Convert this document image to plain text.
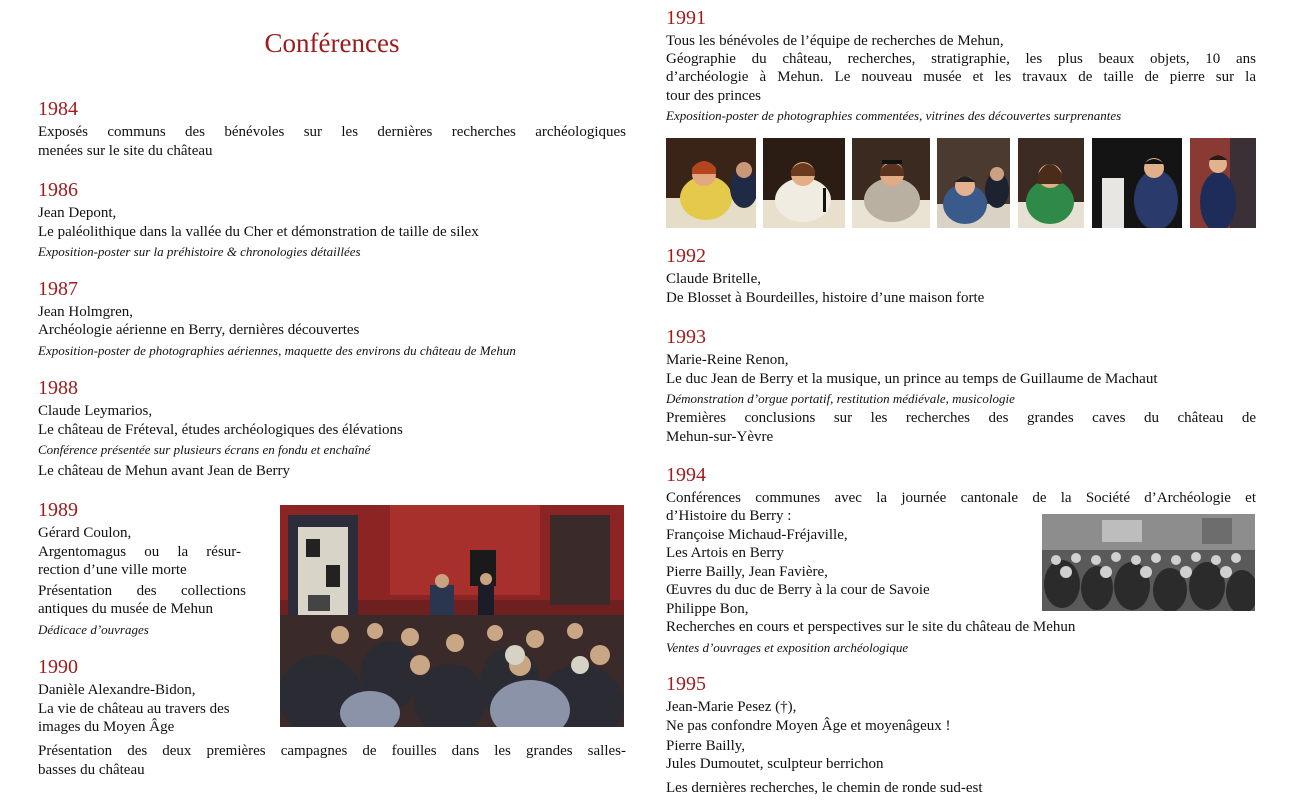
Conférences
1984
Exposés communs des bénévoles sur les dernières recherches archéologiques
menées sur le site du château
1986
Jean Depont,
Le paléolithique dans la vallée du Cher et démonstration de taille de silex
Exposition-poster sur la préhistoire & chronologies détaillées
1987
Jean Holmgren,
Archéologie aérienne en Berry, dernières découvertes
Exposition-poster de photographies aériennes, maquette des environs du château de Mehun
1988
Claude Leymarios,
Le château de Fréteval, études archéologiques des élévations
Conférence présentée sur plusieurs écrans en fondu et enchaîné
Le château de Mehun avant Jean de Berry
1989
Gérard Coulon,
Argentomagus ou la résur-
rection d’une ville morte
Présentation des collections
antiques du musée de Mehun
Dédicace d’ouvrages
1990
Danièle Alexandre-Bidon,
La vie de château au travers des
images du Moyen Âge
Présentation des deux premières campagnes de fouilles dans les grandes salles-
basses du château
1991
Tous les bénévoles de l’équipe de recherches de Mehun,
Géographie du château, recherches, stratigraphie, les plus beaux objets, 10 ans
d’archéologie à Mehun. Le nouveau musée et les travaux de taille de pierre sur la
tour des princes
Exposition-poster de photographies commentées, vitrines des découvertes surprenantes
1992
Claude Britelle,
De Blosset à Bourdeilles, histoire d’une maison forte
1993
Marie-Reine Renon,
Le duc Jean de Berry et la musique, un prince au temps de Guillaume de Machaut
Démonstration d’orgue portatif, restitution médiévale, musicologie
Premières conclusions sur les recherches des grandes caves du château de
Mehun-sur-Yèvre
1994
Conférences communes avec la journée cantonale de la Société d’Archéologie et
d’Histoire du Berry :
Françoise Michaud-Fréjaville,
Les Artois en Berry
Pierre Bailly, Jean Favière,
Œuvres du duc de Berry à la cour de Savoie
Philippe Bon,
Recherches en cours et perspectives sur le site du château de Mehun
Ventes d’ouvrages et exposition archéologique
1995
Jean-Marie Pesez (†),
Ne pas confondre Moyen Âge et moyenâgeux !
Pierre Bailly,
Jules Dumoutet, sculpteur berrichon
Les dernières recherches, le chemin de ronde sud-est
